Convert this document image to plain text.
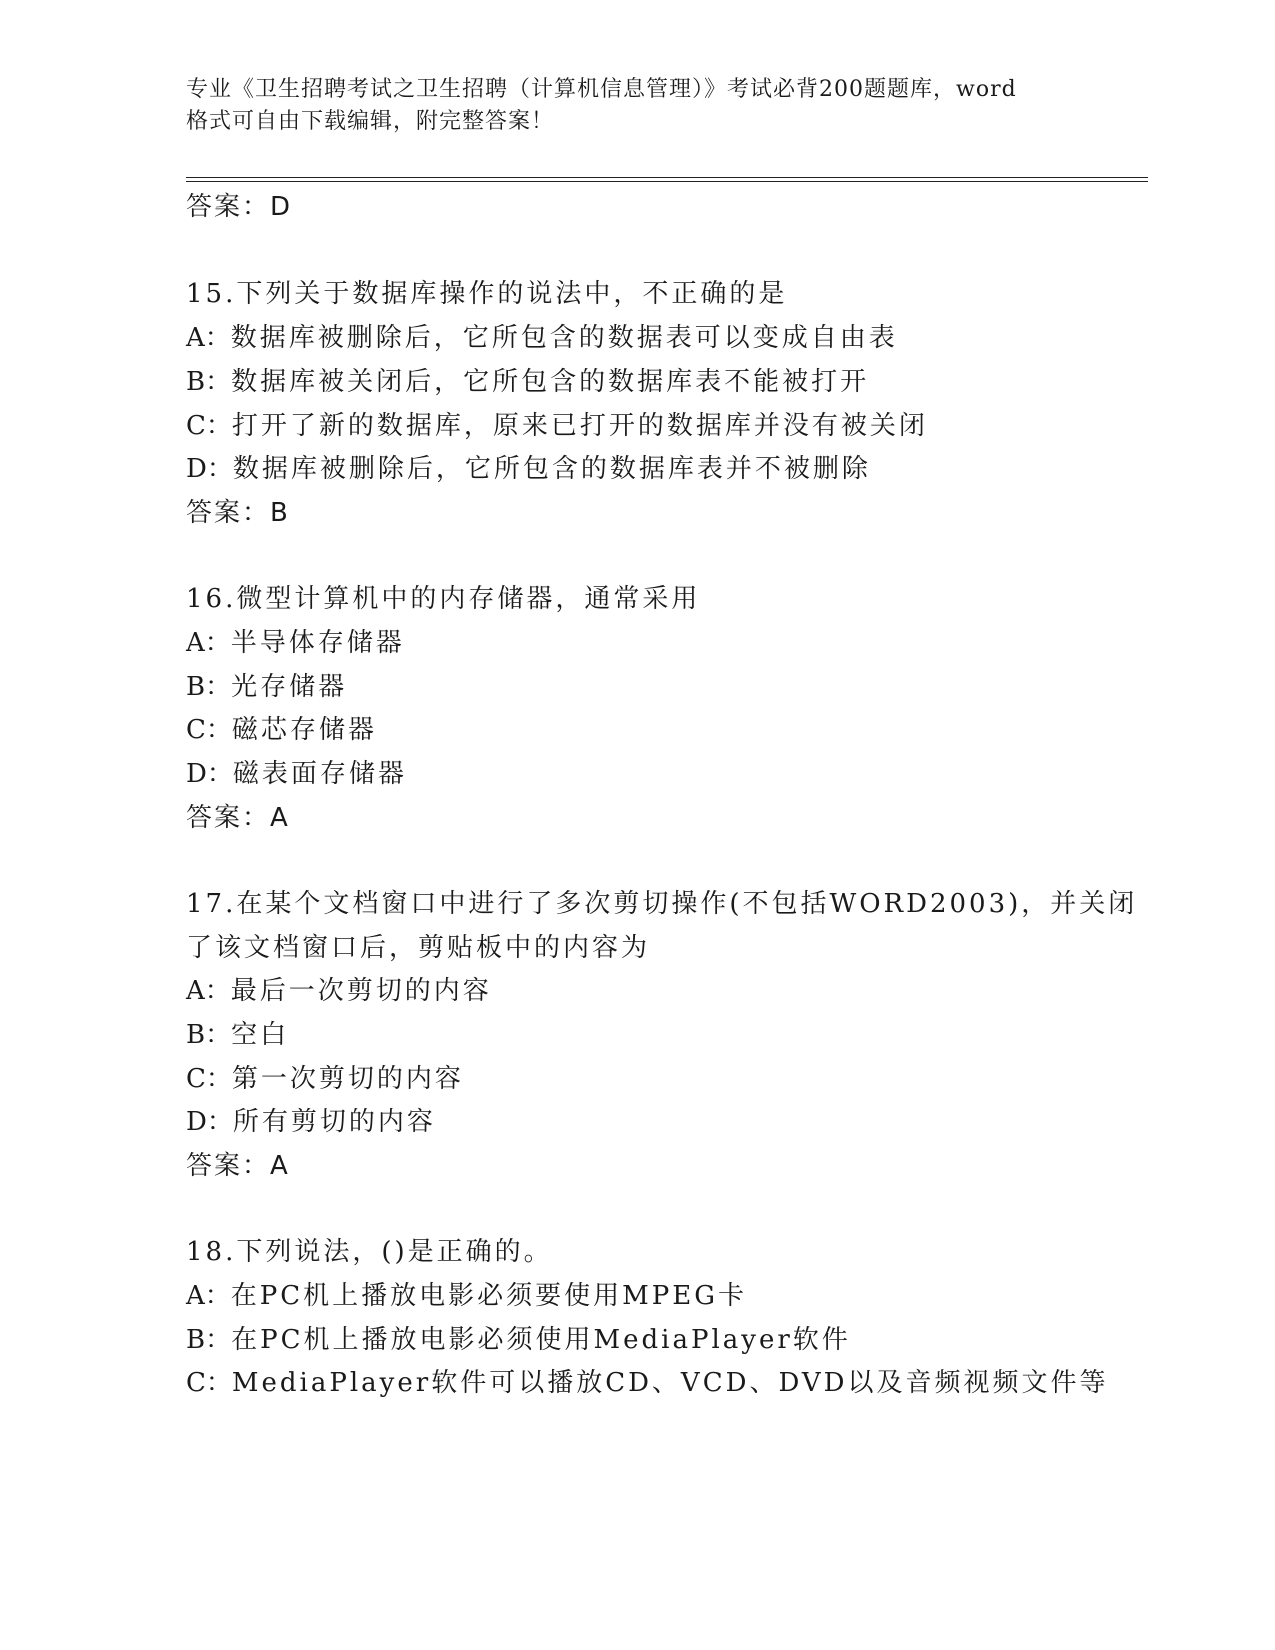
专业《卫生招聘考试之卫生招聘（计算机信息管理）》考试必背200题题库，word
格式可自由下载编辑，附完整答案！
答案：D
15.下列关于数据库操作的说法中，不正确的是
A：数据库被删除后，它所包含的数据表可以变成自由表
B：数据库被关闭后，它所包含的数据库表不能被打开
C：打开了新的数据库，原来已打开的数据库并没有被关闭
D：数据库被删除后，它所包含的数据库表并不被删除
答案：B
16.微型计算机中的内存储器，通常采用
A：半导体存储器
B：光存储器
C：磁芯存储器
D：磁表面存储器
答案：A
17.在某个文档窗口中进行了多次剪切操作(不包括WORD2003)，并关闭
了该文档窗口后，剪贴板中的内容为
A：最后一次剪切的内容
B：空白
C：第一次剪切的内容
D：所有剪切的内容
答案：A
18.下列说法，()是正确的。
A：在PC机上播放电影必须要使用MPEG卡
B：在PC机上播放电影必须使用MediaPlayer软件
C：MediaPlayer软件可以播放CD、VCD、DVD以及音频视频文件等
